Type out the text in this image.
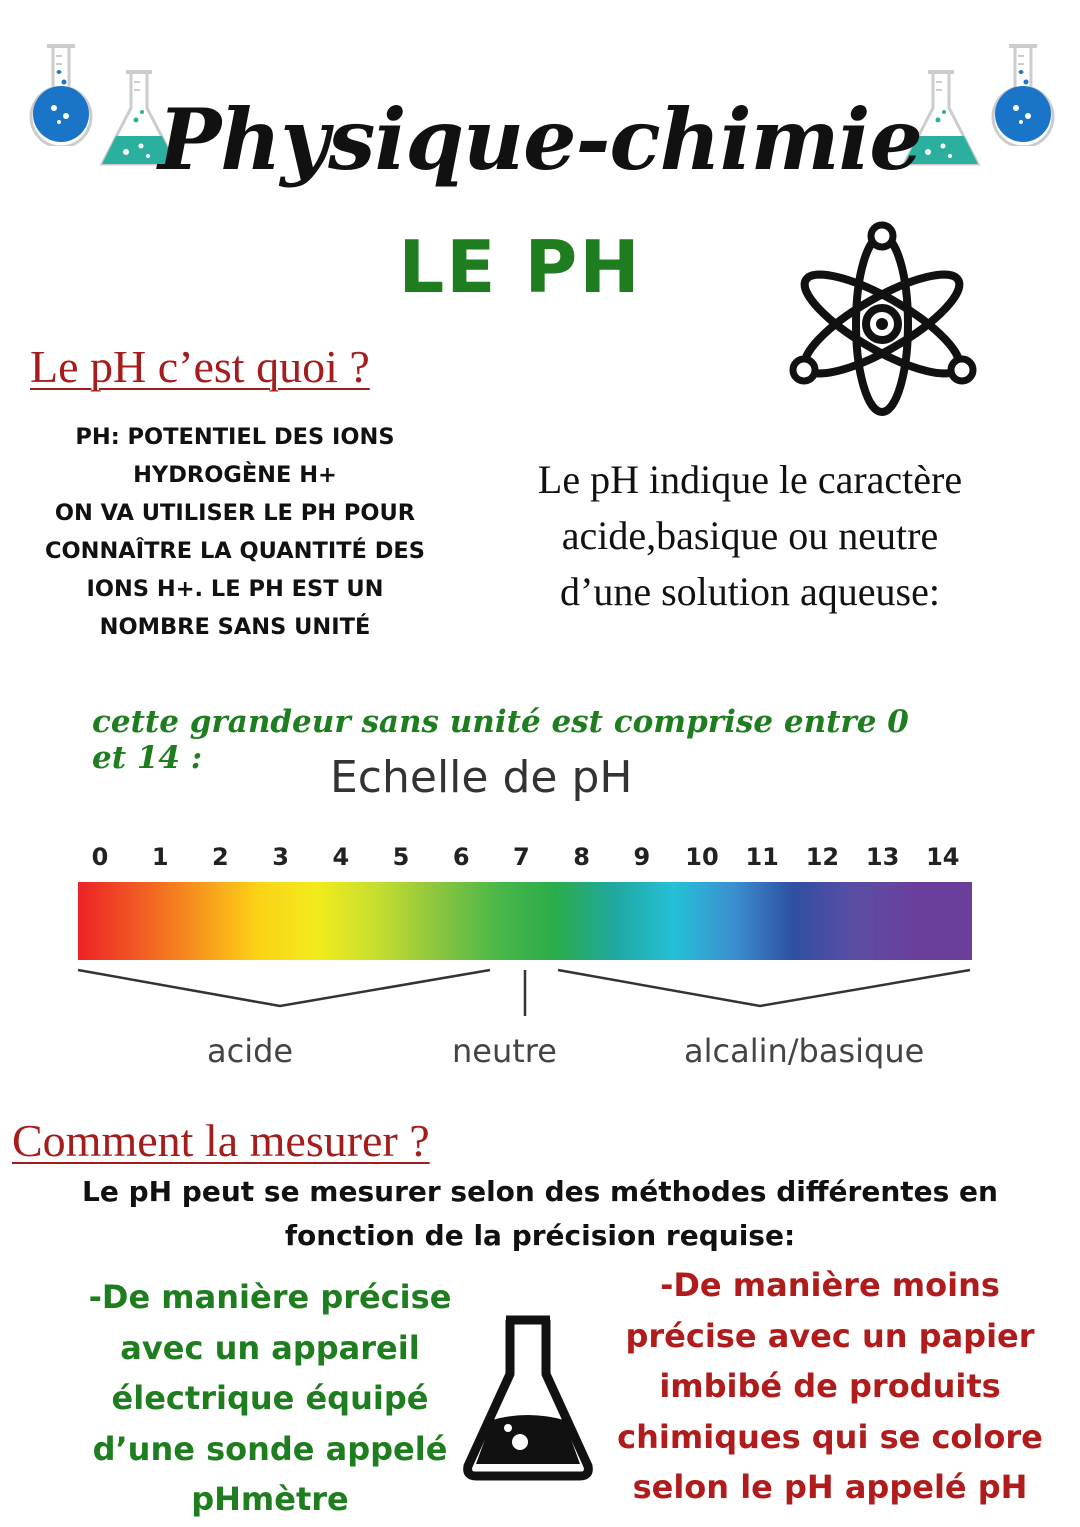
Physique-chimie
LE PH
Le pH c’est quoi ?
PH: POTENTIEL DES IONS
HYDROGÈNE H+
ON VA UTILISER LE PH POUR
CONNAÎTRE LA QUANTITÉ DES
IONS H+. LE PH EST UN
NOMBRE SANS UNITÉ
Le pH indique le caractère
acide,basique ou neutre
d’une solution aqueuse:
cette grandeur sans unité est comprise entre 0 et 14 :	Echelle de pH
0	1	2	3	4	5	6	7	8	9	10	11	12	13	14
acide	neutre	alcalin/basique
Comment la mesurer ?
Le pH peut se mesurer selon des méthodes différentes en
fonction de la précision requise:
-De manière précise
avec un appareil
électrique équipé
d’une sonde appelé
pHmètre
-De manière moins
précise avec un papier
imbibé de produits
chimiques qui se colore
selon le pH appelé pH
